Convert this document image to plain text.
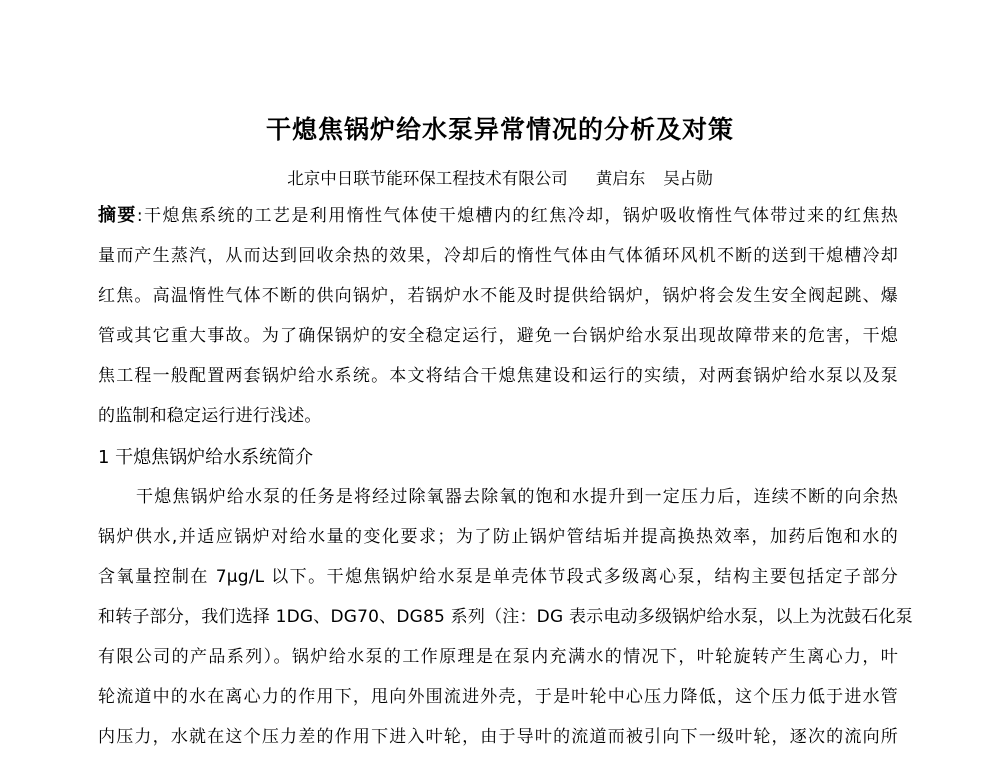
干熄焦锅炉给水泵异常情况的分析及对策
北京中日联节能环保工程技术有限公司 黄启东 吴占勋
摘要:干熄焦系统的工艺是利用惰性气体使干熄槽内的红焦冷却，锅炉吸收惰性气体带过来的红焦热
量而产生蒸汽，从而达到回收余热的效果，冷却后的惰性气体由气体循环风机不断的送到干熄槽冷却
红焦。高温惰性气体不断的供向锅炉，若锅炉水不能及时提供给锅炉，锅炉将会发生安全阀起跳、爆
管或其它重大事故。为了确保锅炉的安全稳定运行，避免一台锅炉给水泵出现故障带来的危害，干熄
焦工程一般配置两套锅炉给水系统。本文将结合干熄焦建设和运行的实绩，对两套锅炉给水泵以及泵
的监制和稳定运行进行浅述。
1 干熄焦锅炉给水系统简介
干熄焦锅炉给水泵的任务是将经过除氧器去除氧的饱和水提升到一定压力后，连续不断的向余热
锅炉供水,并适应锅炉对给水量的变化要求；为了防止锅炉管结垢并提高换热效率，加药后饱和水的
含氧量控制在 7μg/L 以下。干熄焦锅炉给水泵是单壳体节段式多级离心泵，结构主要包括定子部分
和转子部分，我们选择 1DG、DG70、DG85 系列（注：DG 表示电动多级锅炉给水泵，以上为沈鼓石化泵
有限公司的产品系列）。锅炉给水泵的工作原理是在泵内充满水的情况下，叶轮旋转产生离心力，叶
轮流道中的水在离心力的作用下，甩向外围流进外壳，于是叶轮中心压力降低，这个压力低于进水管
内压力，水就在这个压力差的作用下进入叶轮，由于导叶的流道而被引向下一级叶轮，逐次的流向所
